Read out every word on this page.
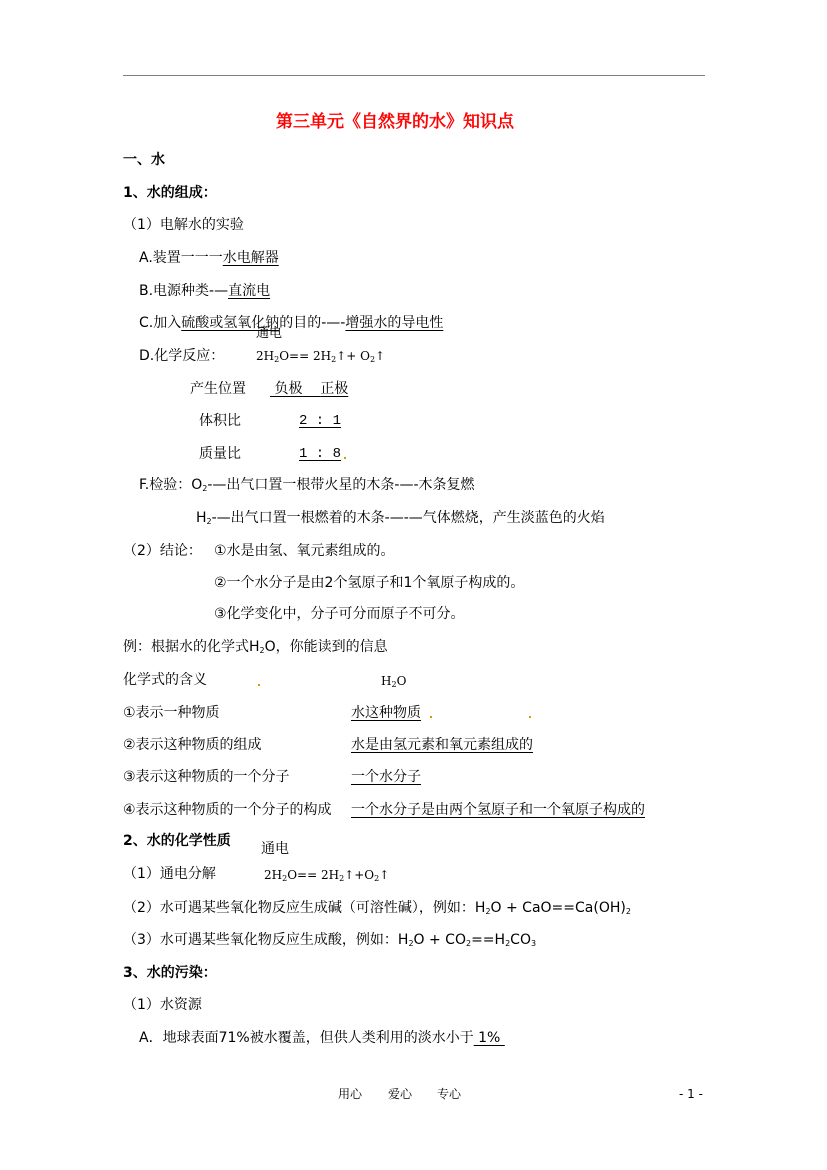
第三单元《自然界的水》知识点
一、水
1、水的组成：
（1）电解水的实验
A.装置一一一水电解器
B.电源种类-—直流电
C.加入硫酸或氢氧化钠的目的-—-增强水的导电性
通电
D.化学反应：	$2H_2O==$ $2H_2↑+$ $O_2↑$
产生位置	负极 正极
体积比	2 : 1
质量比	1 : 8
F.检验：$O_2-—$出气口置一根带火星的木条-—-木条复燃
$H_2-—$出气口置一根燃着的木条-—-—气体燃烧，产生淡蓝色的火焰
（2）结论： ①水是由氢、氧元素组成的。
②一个水分子是由2个氢原子和1个氧原子构成的。
③化学变化中，分子可分而原子不可分。
例：根据水的化学式$H_2O$，你能读到的信息
化学式的含义	$H_2O$
①表示一种物质	水这种物质
②表示这种物质的组成	水是由氢元素和氧元素组成的
③表示这种物质的一个分子	一个水分子
④表示这种物质的一个分子的构成 一个水分子是由两个氢原子和一个氧原子构成的
2、水的化学性质 通电
（1）通电分解	$2H_2O==$ $2H_2↑+O_2↑$
（2）水可遇某些氧化物反应生成碱（可溶性碱），例如：$H_2O + CaO==Ca(OH)_2$
（3）水可遇某些氧化物反应生成酸，例如：$H_2O + CO_2==H_2CO_3$
3、水的污染：
（1）水资源
A．地球表面71%被水覆盖，但供人类利用的淡水小于 1%
用心 爱心 专心	- 1 -
